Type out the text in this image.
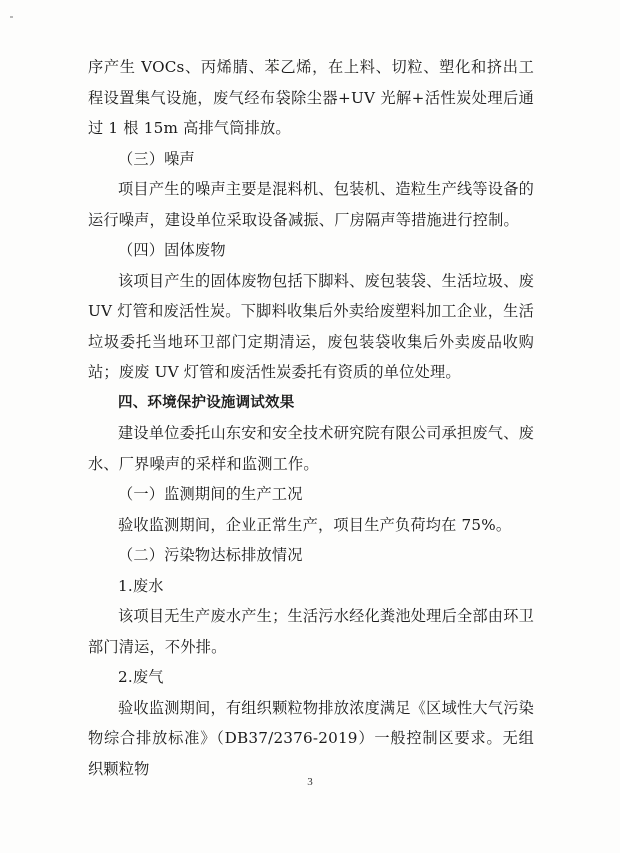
序产生 VOCs、丙烯腈、苯乙烯，在上料、切粒、塑化和挤出工程设置集气设施，废气经布袋除尘器+UV 光解+活性炭处理后通过 1 根 15m 高排气筒排放。

（三）噪声

项目产生的噪声主要是混料机、包装机、造粒生产线等设备的运行噪声，建设单位采取设备减振、厂房隔声等措施进行控制。

（四）固体废物

该项目产生的固体废物包括下脚料、废包装袋、生活垃圾、废 UV 灯管和废活性炭。下脚料收集后外卖给废塑料加工企业，生活垃圾委托当地环卫部门定期清运，废包装袋收集后外卖废品收购站；废废 UV 灯管和废活性炭委托有资质的单位处理。

四、环境保护设施调试效果

建设单位委托山东安和安全技术研究院有限公司承担废气、废水、厂界噪声的采样和监测工作。

（一）监测期间的生产工况

验收监测期间，企业正常生产，项目生产负荷均在 75%。

（二）污染物达标排放情况

1.废水

该项目无生产废水产生；生活污水经化粪池处理后全部由环卫部门清运，不外排。

2.废气

验收监测期间，有组织颗粒物排放浓度满足《区域性大气污染物综合排放标准》（DB37/2376-2019）一般控制区要求。无组织颗粒物

3
